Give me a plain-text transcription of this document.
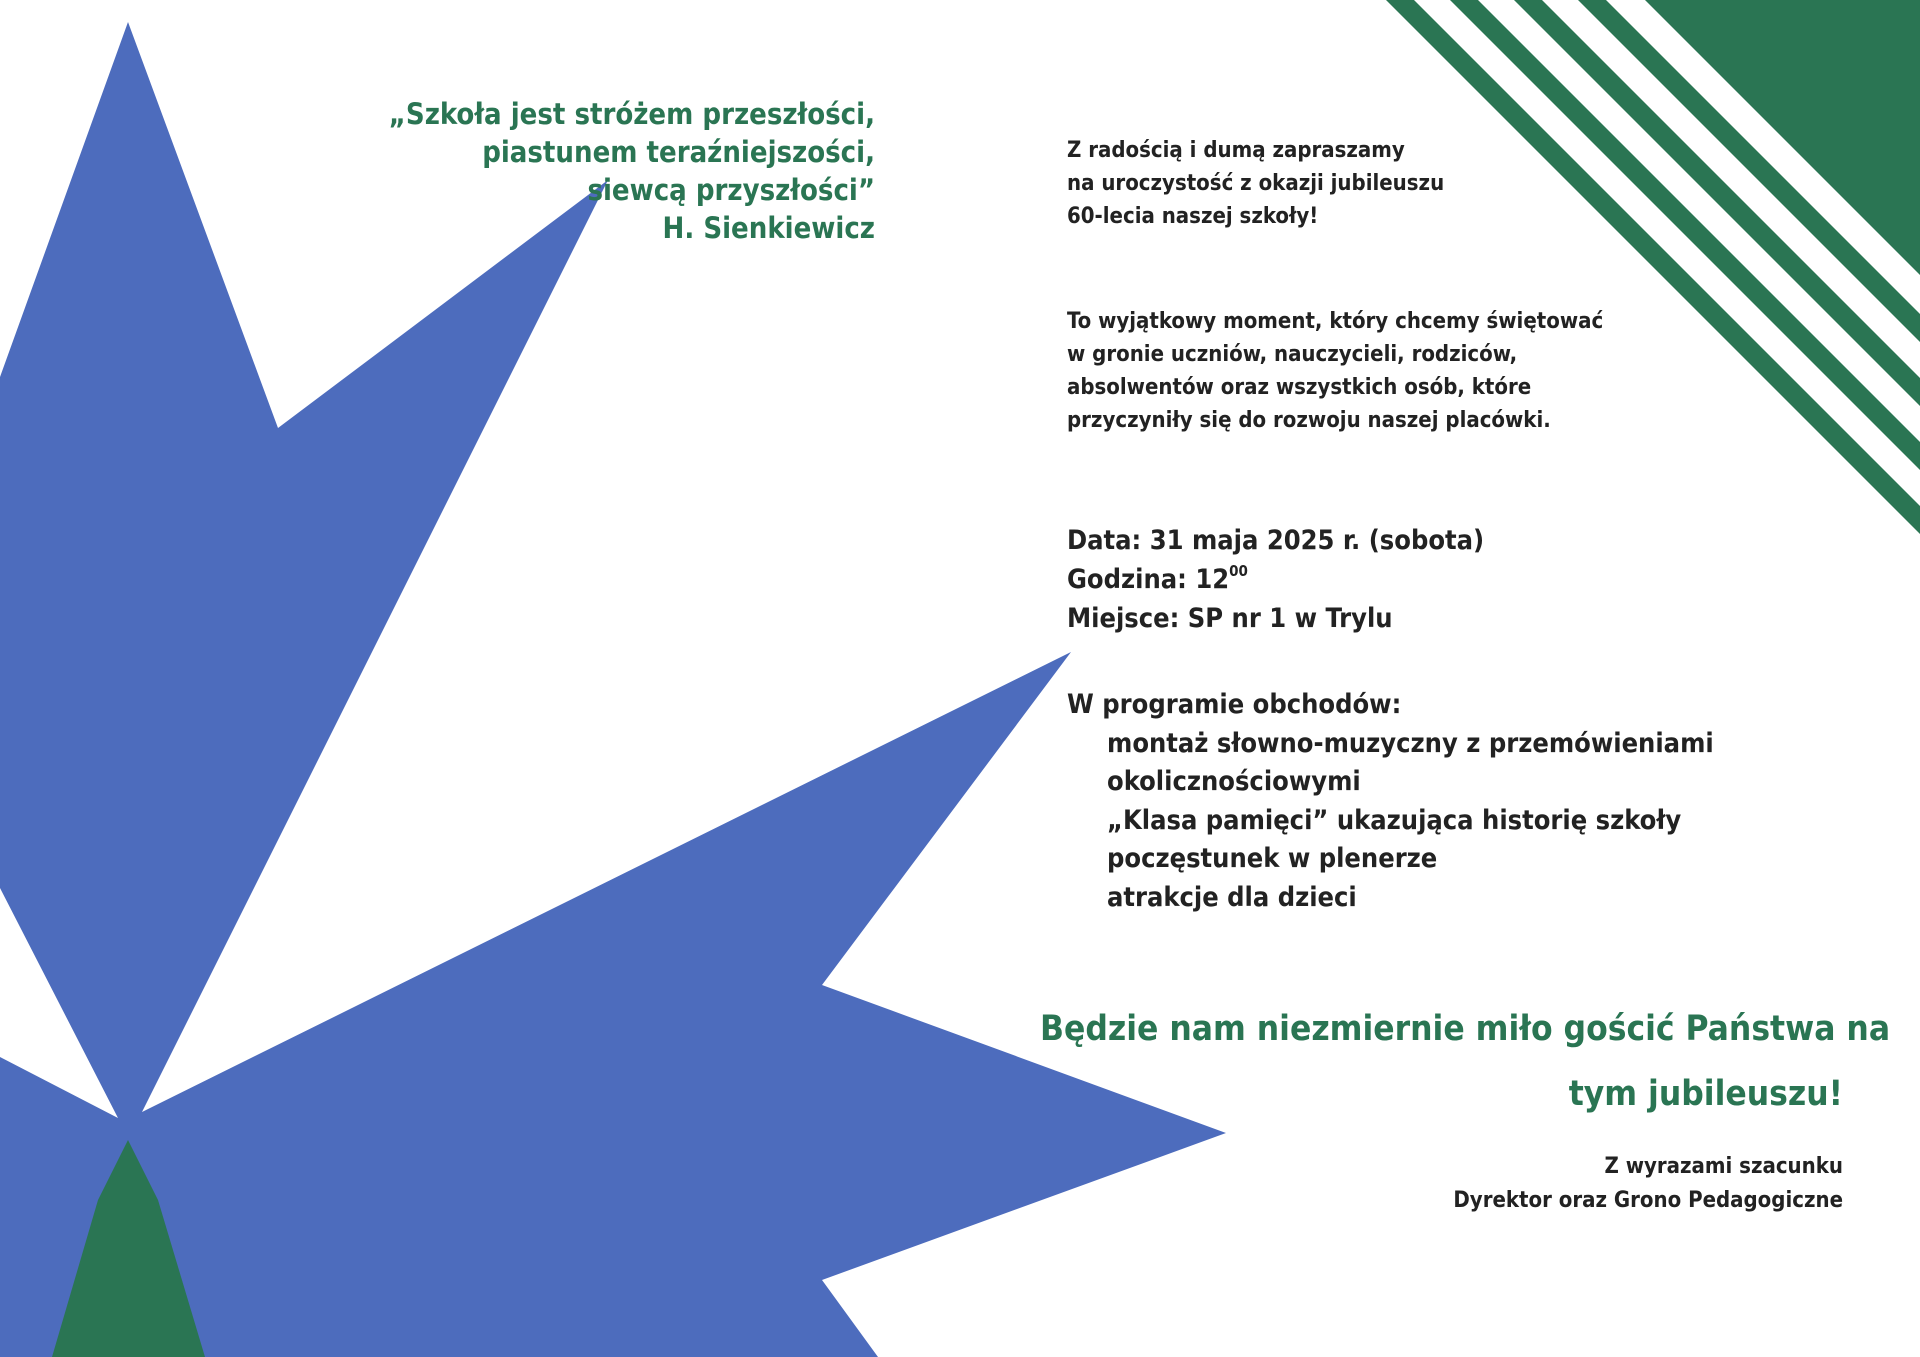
„Szkoła jest stróżem przeszłości,
piastunem teraźniejszości,
siewcą przyszłości”
H. Sienkiewicz
Z radością i dumą zapraszamy
na uroczystość z okazji jubileuszu
60-lecia naszej szkoły!
To wyjątkowy moment, który chcemy świętować
w gronie uczniów, nauczycieli, rodziców,
absolwentów oraz wszystkich osób, które
przyczyniły się do rozwoju naszej placówki.
Data: 31 maja 2025 r. (sobota)
Godzina: $12^{00}$
Miejsce: SP nr 1 w Trylu
W programie obchodów:
montaż słowno-muzyczny z przemówieniami
okolicznościowymi
„Klasa pamięci” ukazująca historię szkoły
poczęstunek w plenerze
atrakcje dla dzieci
Będzie nam niezmiernie miło gościć Państwa na
tym jubileuszu!
Z wyrazami szacunku
Dyrektor oraz Grono Pedagogiczne
